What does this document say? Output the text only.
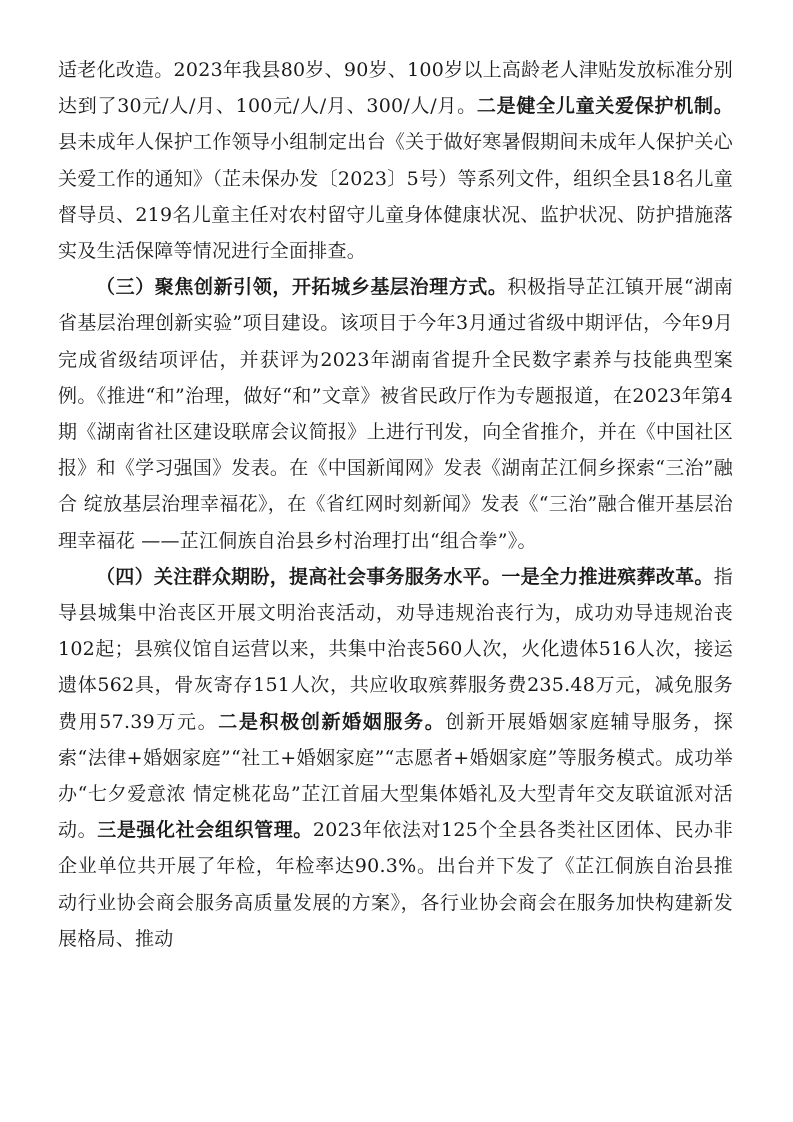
适老化改造。2023年我县80岁、90岁、100岁以上高龄老人津贴发放标准分别达到了30元/人/月、100元/人/月、300/人/月。二是健全儿童关爱保护机制。县未成年人保护工作领导小组制定出台《关于做好寒暑假期间未成年人保护关心关爱工作的通知》（芷未保办发〔2023〕5号）等系列文件，组织全县18名儿童督导员、219名儿童主任对农村留守儿童身体健康状况、监护状况、防护措施落实及生活保障等情况进行全面排查。

（三）聚焦创新引领，开拓城乡基层治理方式。积极指导芷江镇开展“湖南省基层治理创新实验”项目建设。该项目于今年3月通过省级中期评估，今年9月完成省级结项评估，并获评为2023年湖南省提升全民数字素养与技能典型案例。《推进“和”治理，做好“和”文章》被省民政厅作为专题报道，在2023年第4期《湖南省社区建设联席会议简报》上进行刊发，向全省推介，并在《中国社区报》和《学习强国》发表。在《中国新闻网》发表《湖南芷江侗乡探索“三治”融合 绽放基层治理幸福花》，在《省红网时刻新闻》发表《“三治”融合催开基层治理幸福花 ——芷江侗族自治县乡村治理打出“组合拳”》。

（四）关注群众期盼，提高社会事务服务水平。一是全力推进殡葬改革。指导县城集中治丧区开展文明治丧活动，劝导违规治丧行为，成功劝导违规治丧102起；县殡仪馆自运营以来，共集中治丧560人次，火化遗体516人次，接运遗体562具，骨灰寄存151人次，共应收取殡葬服务费235.48万元，减免服务费用57.39万元。二是积极创新婚姻服务。创新开展婚姻家庭辅导服务，探索“法律+婚姻家庭”“社工+婚姻家庭”“志愿者+婚姻家庭”等服务模式。成功举办“七夕爱意浓 情定桃花岛”芷江首届大型集体婚礼及大型青年交友联谊派对活动。三是强化社会组织管理。2023年依法对125个全县各类社区团体、民办非企业单位共开展了年检，年检率达90.3%。出台并下发了《芷江侗族自治县推动行业协会商会服务高质量发展的方案》，各行业协会商会在服务加快构建新发展格局、推动
